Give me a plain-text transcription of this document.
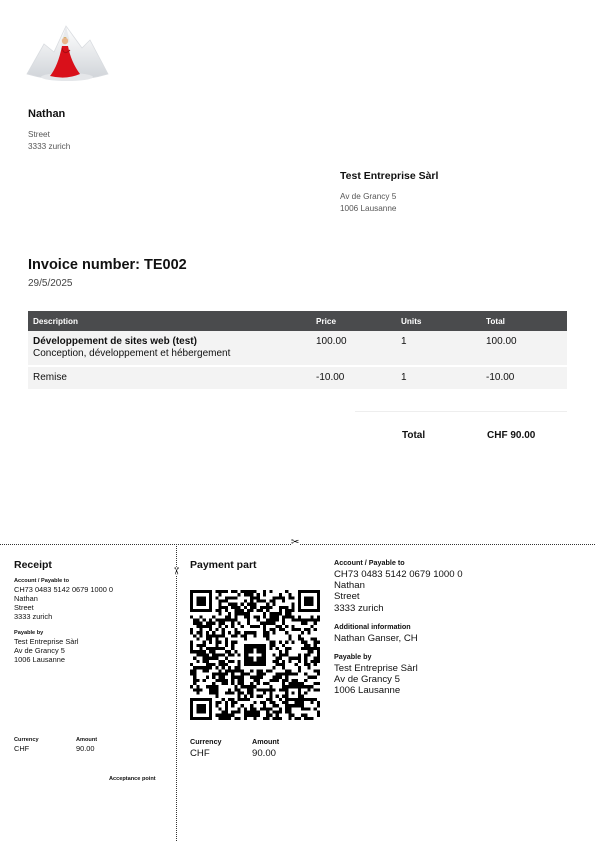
Nathan
Street
3333 zurich
Test Entreprise Sàrl
Av de Grancy 5
1006 Lausanne
Invoice number: TE002
29/5/2025
Description	Price	Units	Total

Développement de sites web (test)
Conception, développement et hébergement	100.00	1	100.00
Remise	-10.00	1	-10.00
Total	CHF 90.00
✂
✂
Receipt
Account / Payable to
CH73 0483 5142 0679 1000 0
Nathan
Street
3333 zurich
Payable by
Test Entreprise Sàrl
Av de Grancy 5
1006 Lausanne
Currency
CHF
Amount
90.00
Acceptance point
Payment part
Currency
CHF
Amount
90.00
Account / Payable to
CH73 0483 5142 0679 1000 0
Nathan
Street
3333 zurich
Additional information
Nathan Ganser, CH
Payable by
Test Entreprise Sàrl
Av de Grancy 5
1006 Lausanne
